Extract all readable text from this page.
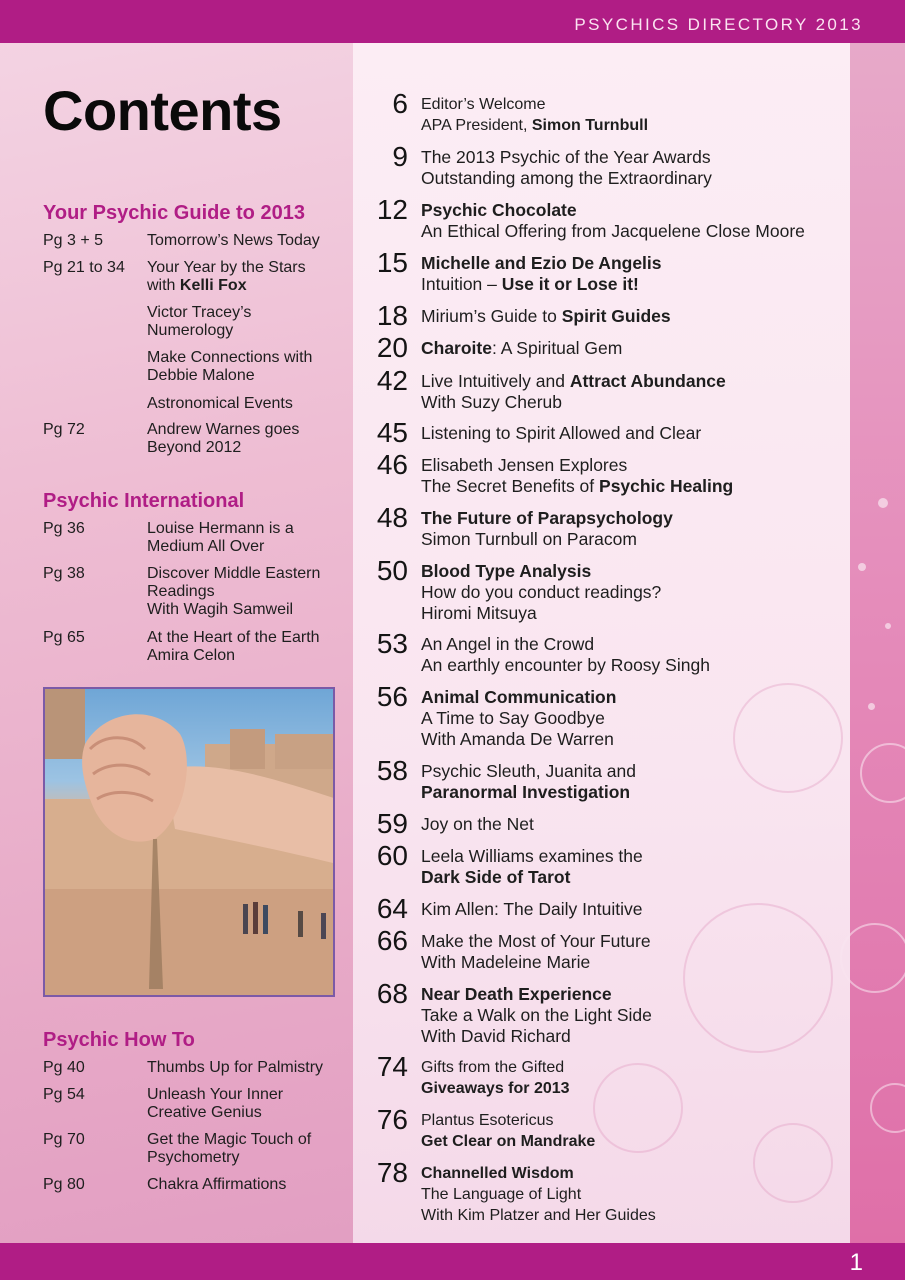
PSYCHICS DIRECTORY 2013
Contents
Your Psychic Guide to 2013
Pg 3 + 5	Tomorrow’s News Today
Pg 21 to 34	Your Year by the Stars
with Kelli Fox
Victor Tracey’s
Numerology
Make Connections with
Debbie Malone
Astronomical Events
Pg 72	Andrew Warnes goes
Beyond 2012
Psychic International
Pg 36	Louise Hermann is a
Medium All Over
Pg 38	Discover Middle Eastern
Readings
With Wagih Samweil
Pg 65	At the Heart of the Earth
Amira Celon
Psychic How To
Pg 40	Thumbs Up for Palmistry
Pg 54	Unleash Your Inner
Creative Genius
Pg 70	Get the Magic Touch of
Psychometry
Pg 80	Chakra Affirmations
6 Editor’s Welcome
APA President, Simon Turnbull
9 The 2013 Psychic of the Year Awards
Outstanding among the Extraordinary
12 Psychic Chocolate
An Ethical Offering from Jacquelene Close Moore
15 Michelle and Ezio De Angelis
Intuition – Use it or Lose it!
18 Mirium’s Guide to Spirit Guides
20 Charoite: A Spiritual Gem
42 Live Intuitively and Attract Abundance
With Suzy Cherub
45 Listening to Spirit Allowed and Clear
46 Elisabeth Jensen Explores
The Secret Benefits of Psychic Healing
48 The Future of Parapsychology
Simon Turnbull on Paracom
50 Blood Type Analysis
How do you conduct readings?
Hiromi Mitsuya
53 An Angel in the Crowd
An earthly encounter by Roosy Singh
56 Animal Communication
A Time to Say Goodbye
With Amanda De Warren
58 Psychic Sleuth, Juanita and
Paranormal Investigation
59 Joy on the Net
60 Leela Williams examines the
Dark Side of Tarot
64 Kim Allen: The Daily Intuitive
66 Make the Most of Your Future
With Madeleine Marie
68 Near Death Experience
Take a Walk on the Light Side
With David Richard
74 Gifts from the Gifted
Giveaways for 2013
76 Plantus Esotericus
Get Clear on Mandrake
78 Channelled Wisdom
The Language of Light
With Kim Platzer and Her Guides
1
